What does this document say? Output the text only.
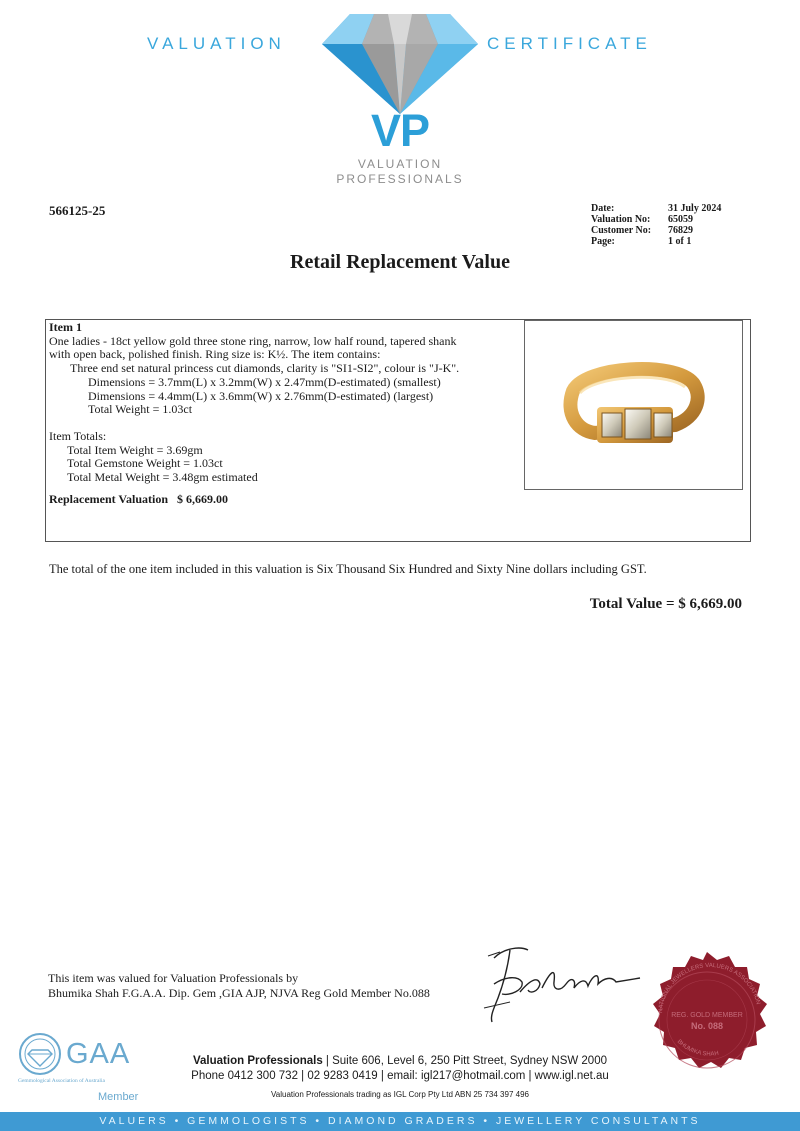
VALUATION	CERTIFICATE
VP
VALUATION
PROFESSIONALS
566125-25	Date:	31 July 2024
Valuation No:	65059
Customer No:	76829
Page:	1 of 1
Retail Replacement Value
Item 1
One ladies - 18ct yellow gold three stone ring, narrow, low half round, tapered shank
with open back, polished finish. Ring size is: K½. The item contains:
Three end set natural princess cut diamonds, clarity is "SI1-SI2", colour is "J-K".
Dimensions = 3.7mm(L) x 3.2mm(W) x 2.47mm(D-estimated) (smallest)
Dimensions = 4.4mm(L) x 3.6mm(W) x 2.76mm(D-estimated) (largest)
Total Weight = 1.03ct
Item Totals:
Total Item Weight = 3.69gm
Total Gemstone Weight = 1.03ct
Total Metal Weight = 3.48gm estimated
Replacement Valuation $ 6,669.00
The total of the one item included in this valuation is Six Thousand Six Hundred and Sixty Nine dollars including GST.
Total Value = $ 6,669.00
This item was valued for Valuation Professionals by
Bhumika Shah F.G.A.A. Dip. Gem ,GIA AJP, NJVA Reg Gold Member No.088
NATIONAL JEWELLERS VALUERS ASSOCIATION
REG. GOLD MEMBER
No. 088
BHUMIKA SHAH
GAA
Gemmological Association of Australia
Member
Valuation Professionals | Suite 606, Level 6, 250 Pitt Street, Sydney NSW 2000
Phone 0412 300 732 | 02 9283 0419 | email: igl217@hotmail.com | www.igl.net.au
Valuation Professionals trading as IGL Corp Pty Ltd ABN 25 734 397 496
VALUERS • GEMMOLOGISTS • DIAMOND GRADERS • JEWELLERY CONSULTANTS
